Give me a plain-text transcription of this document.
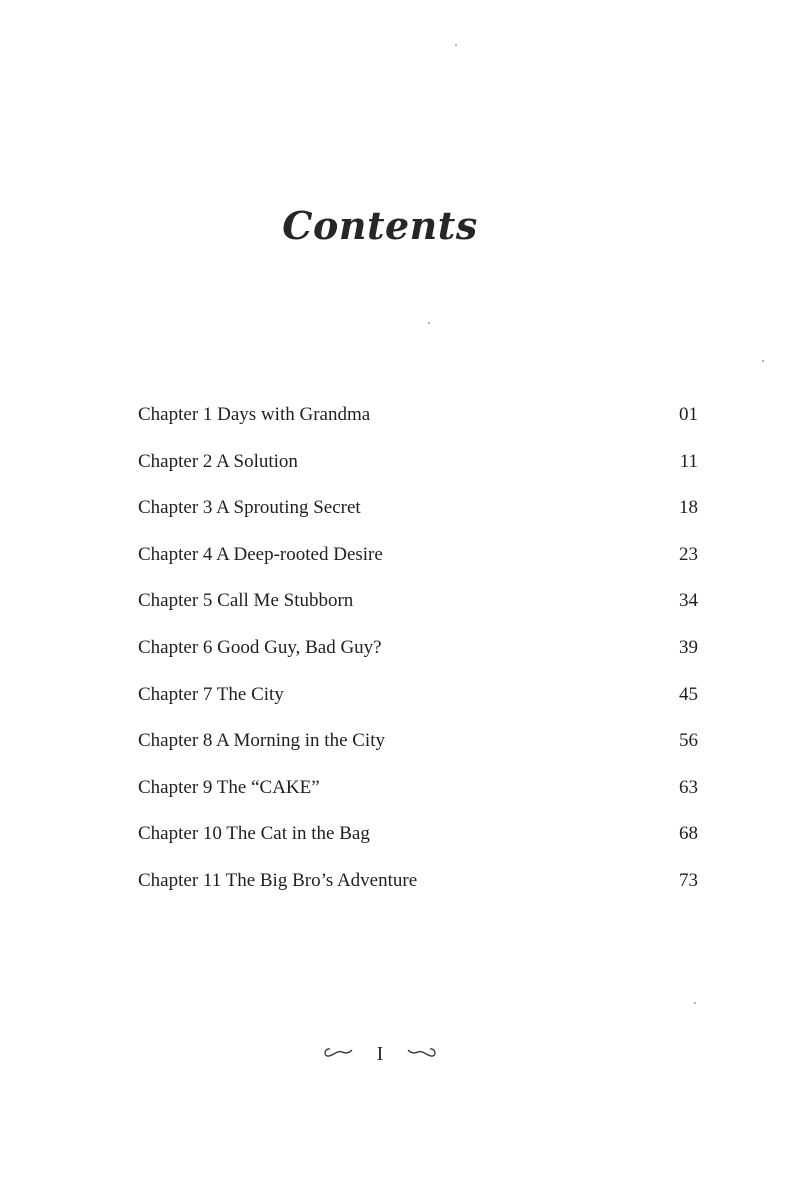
Contents
Chapter 1 Days with Grandma	01
Chapter 2 A Solution	11
Chapter 3 A Sprouting Secret	18
Chapter 4 A Deep-rooted Desire	23
Chapter 5 Call Me Stubborn	34
Chapter 6 Good Guy, Bad Guy?	39
Chapter 7 The City	45
Chapter 8 A Morning in the City	56
Chapter 9 The “CAKE”	63
Chapter 10 The Cat in the Bag	68
Chapter 11 The Big Bro’s Adventure	73
I
